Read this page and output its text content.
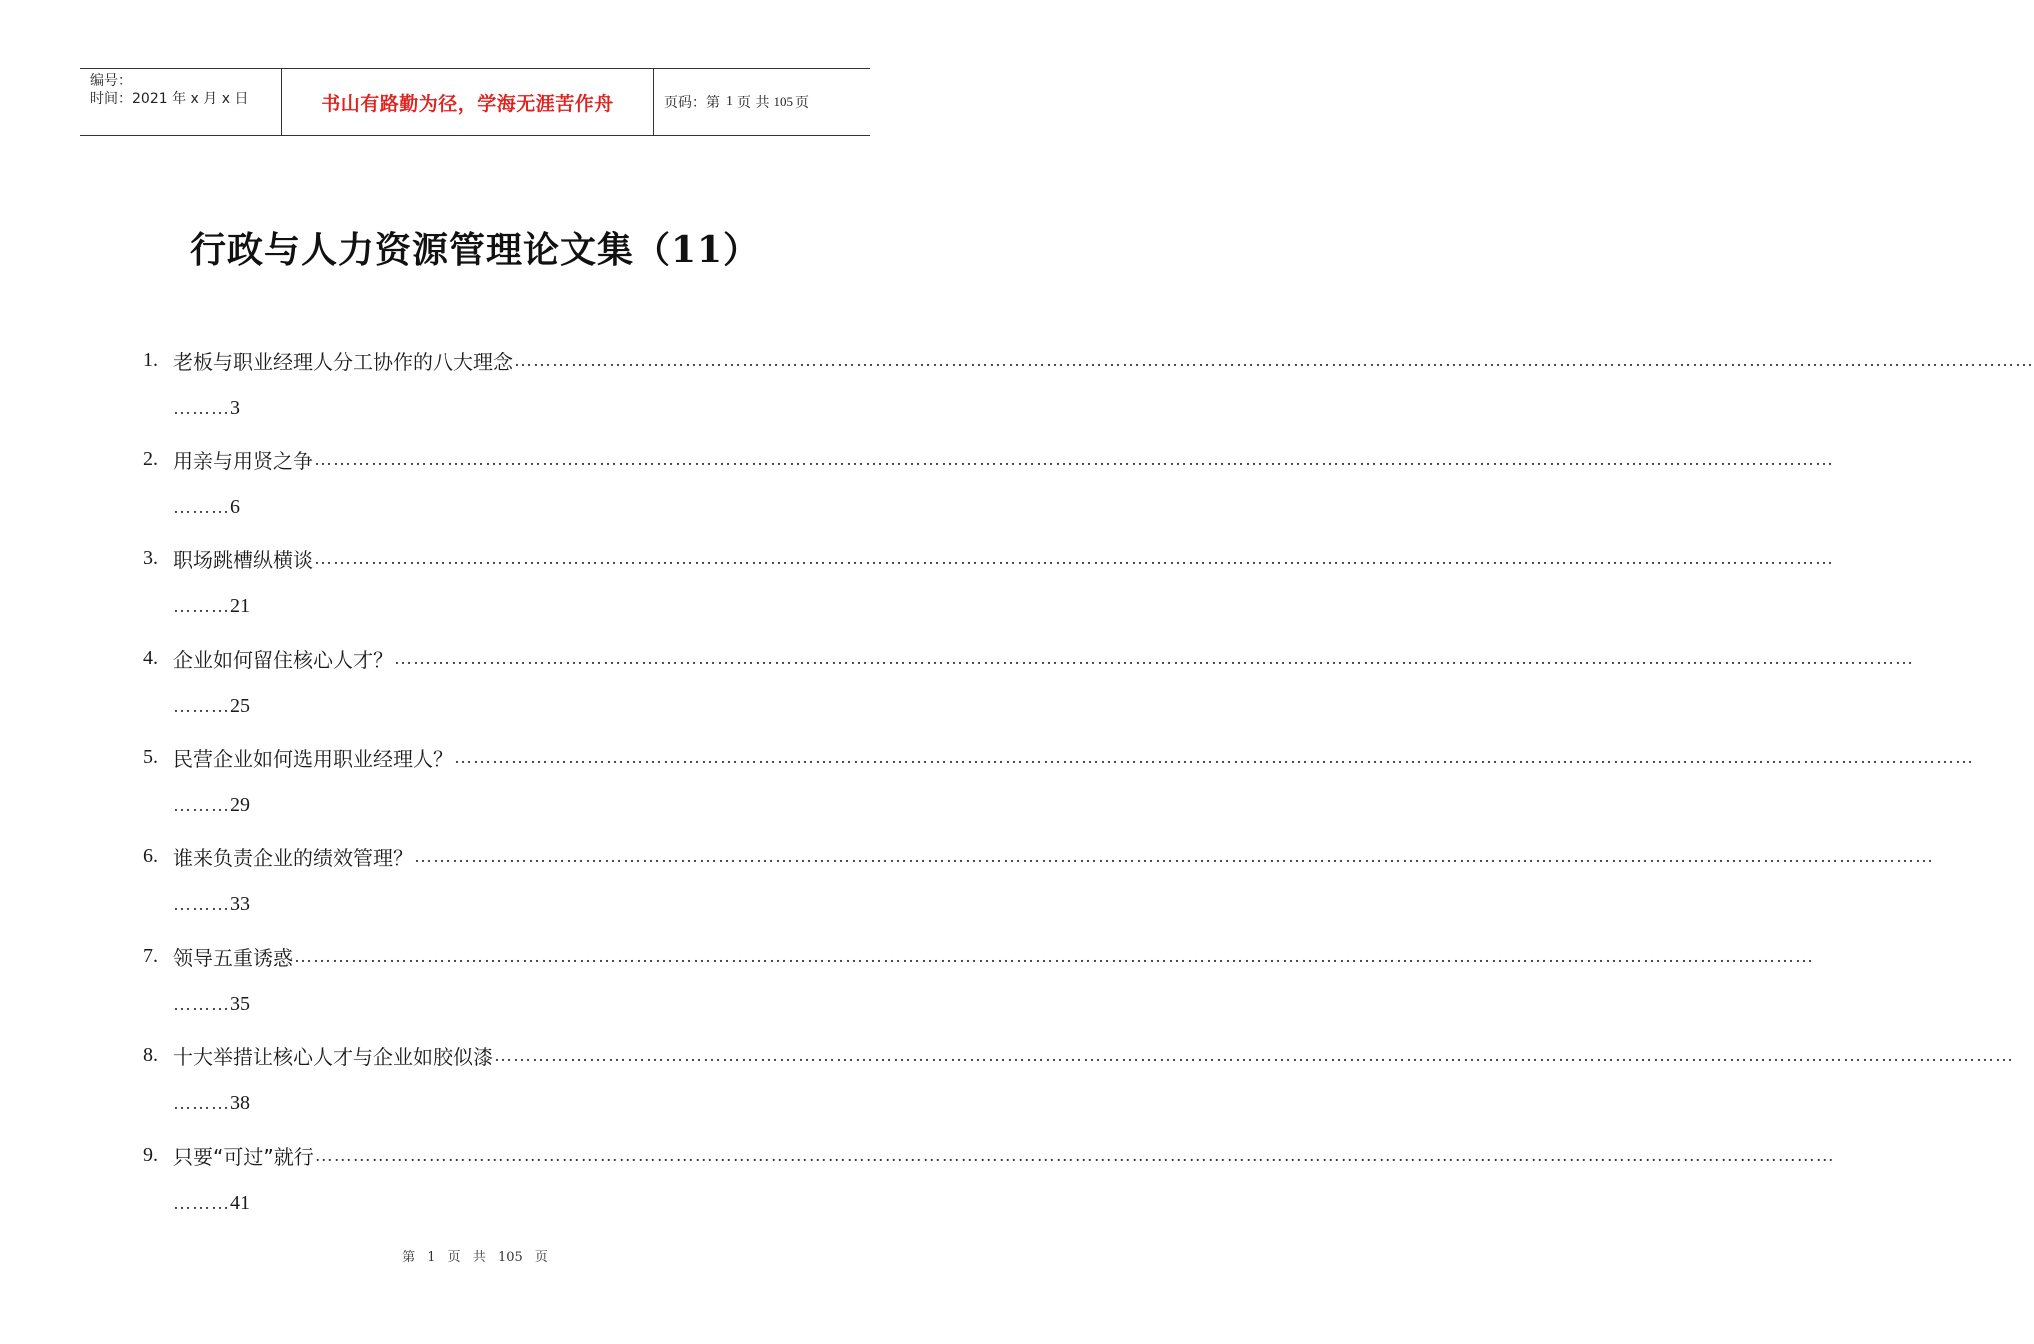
编号：
时间：2021 年 x 月 x 日	书山有路勤为径，学海无涯苦作舟	页码：第 1 页 共 105 页
行政与人力资源管理论文集（11）
1. 老板与职业经理人分工协作的八大理念 ……………………………………………………………………………………………………………………………………………………………………………………………………………………
……… 3
2. 用亲与用贤之争 ……………………………………………………………………………………………………………………………………………………………………………………………………………………
……… 6
3. 职场跳槽纵横谈 ……………………………………………………………………………………………………………………………………………………………………………………………………………………
……… 21
4. 企业如何留住核心人才？ ……………………………………………………………………………………………………………………………………………………………………………………………………………………
……… 25
5. 民营企业如何选用职业经理人？ ……………………………………………………………………………………………………………………………………………………………………………………………………………………
……… 29
6. 谁来负责企业的绩效管理？ ……………………………………………………………………………………………………………………………………………………………………………………………………………………
……… 33
7. 领导五重诱惑 ……………………………………………………………………………………………………………………………………………………………………………………………………………………
……… 35
8. 十大举措让核心人才与企业如胶似漆 ……………………………………………………………………………………………………………………………………………………………………………………………………………………
……… 38
9. 只要“可过”就行 ……………………………………………………………………………………………………………………………………………………………………………………………………………………
……… 41
第 1 页 共 105 页
